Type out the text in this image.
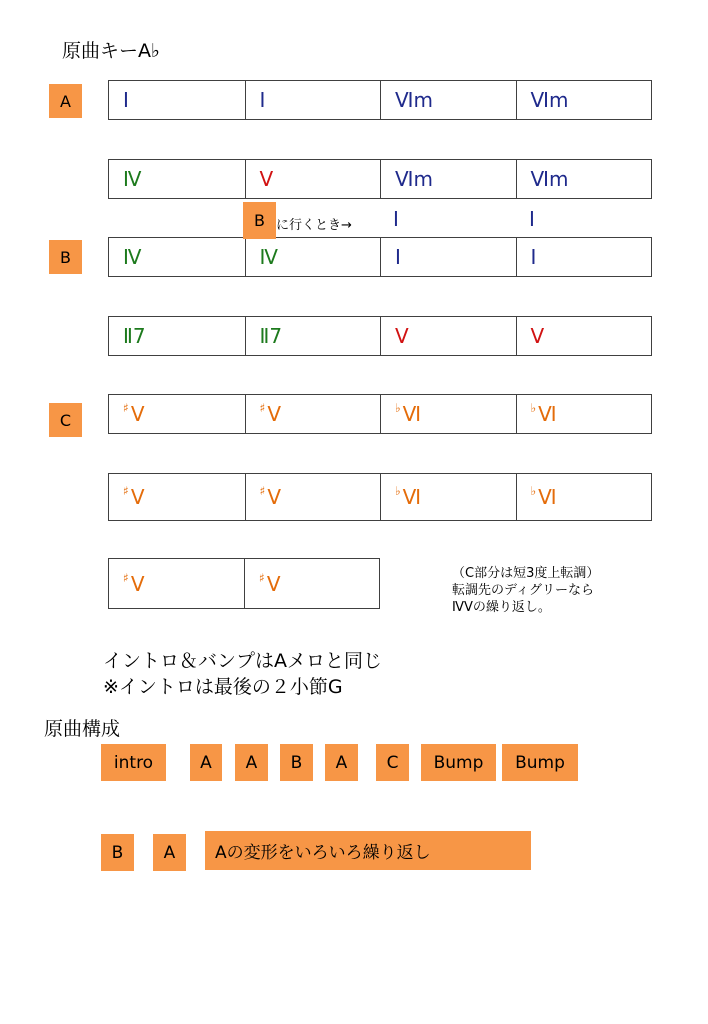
原曲キーA♭
A
B
C
Ⅰ	Ⅰ	Ⅵm	Ⅵm
Ⅳ	Ⅴ	Ⅵm	Ⅵm
Ⅳ	Ⅳ	Ⅰ	Ⅰ
Ⅱ7	Ⅱ7	Ⅴ	Ⅴ
♯ Ⅴ	♯ Ⅴ	♭ Ⅵ	♭ Ⅵ
♯ Ⅴ	♯ Ⅴ	♭ Ⅵ	♭ Ⅵ
♯ Ⅴ	♯ Ⅴ
B に行くとき→ Ⅰ	Ⅰ
（C部分は短3度上転調）
転調先のディグリーなら
ⅣⅤの繰り返し。
イントロ＆バンプはAメロと同じ
※イントロは最後の２小節G
原曲構成
intro	A	A	B	A	C	Bump	Bump
B	A	Aの変形をいろいろ繰り返し
